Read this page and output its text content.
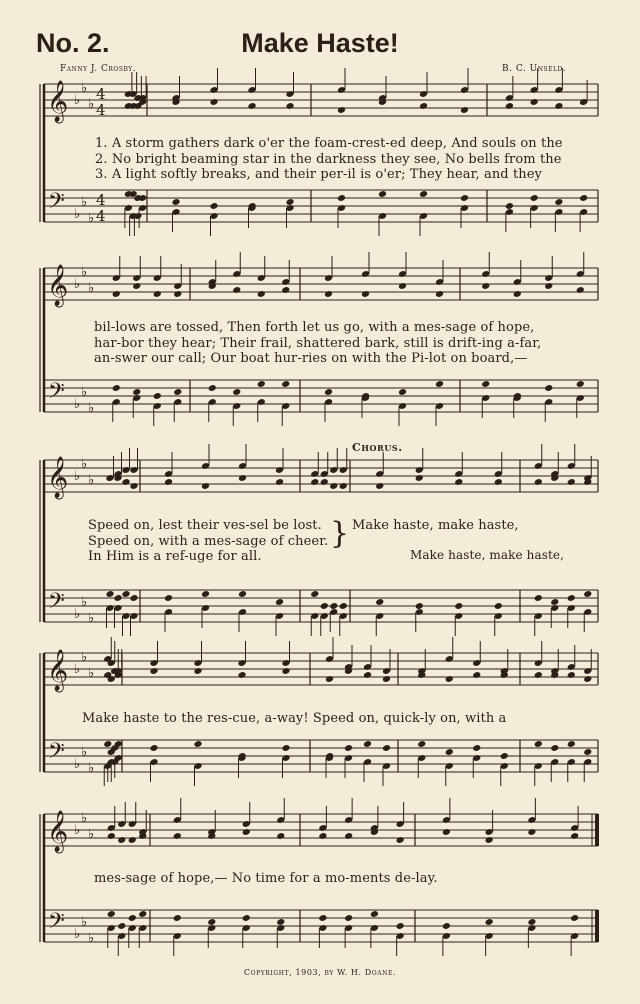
No. 2.	Make Haste!
Fanny J. Crosby.	B. C. Unseld.
𝄞
𝄢
♭
♭
♭
♭
♭
♭
4
4
4
4
𝄞
𝄢
♭
♭
♭
♭
♭
♭
𝄞
𝄢
♭
♭
♭
♭
♭
♭
𝄞
𝄢
♭
♭
♭
♭
♭
♭
𝄞
𝄢
♭
♭
♭
♭
♭
♭
1. A storm gathers dark o'er the foam-crest-ed deep, And souls on the
2. No bright beaming star in the darkness they see, No bells from the
3. A light softly breaks, and their per-il is o'er; They hear, and they
bil-lows are tossed, Then forth let us go, with a mes-sage of hope,
har-bor they hear; Their frail, shattered bark, still is drift-ing a-far,
an-swer our call; Our boat hur-ries on with the Pi-lot on board,—
Chorus.
Speed on, lest their ves-sel be lost.
Speed on, with a mes-sage of cheer.
In Him is a ref-uge for all.
} Make haste, make haste,
Make haste, make haste,
Make haste to the res-cue, a-way! Speed on, quick-ly on, with a
mes-sage of hope,— No time for a mo-ments de-lay.
Copyright, 1903, by W. H. Doane.
